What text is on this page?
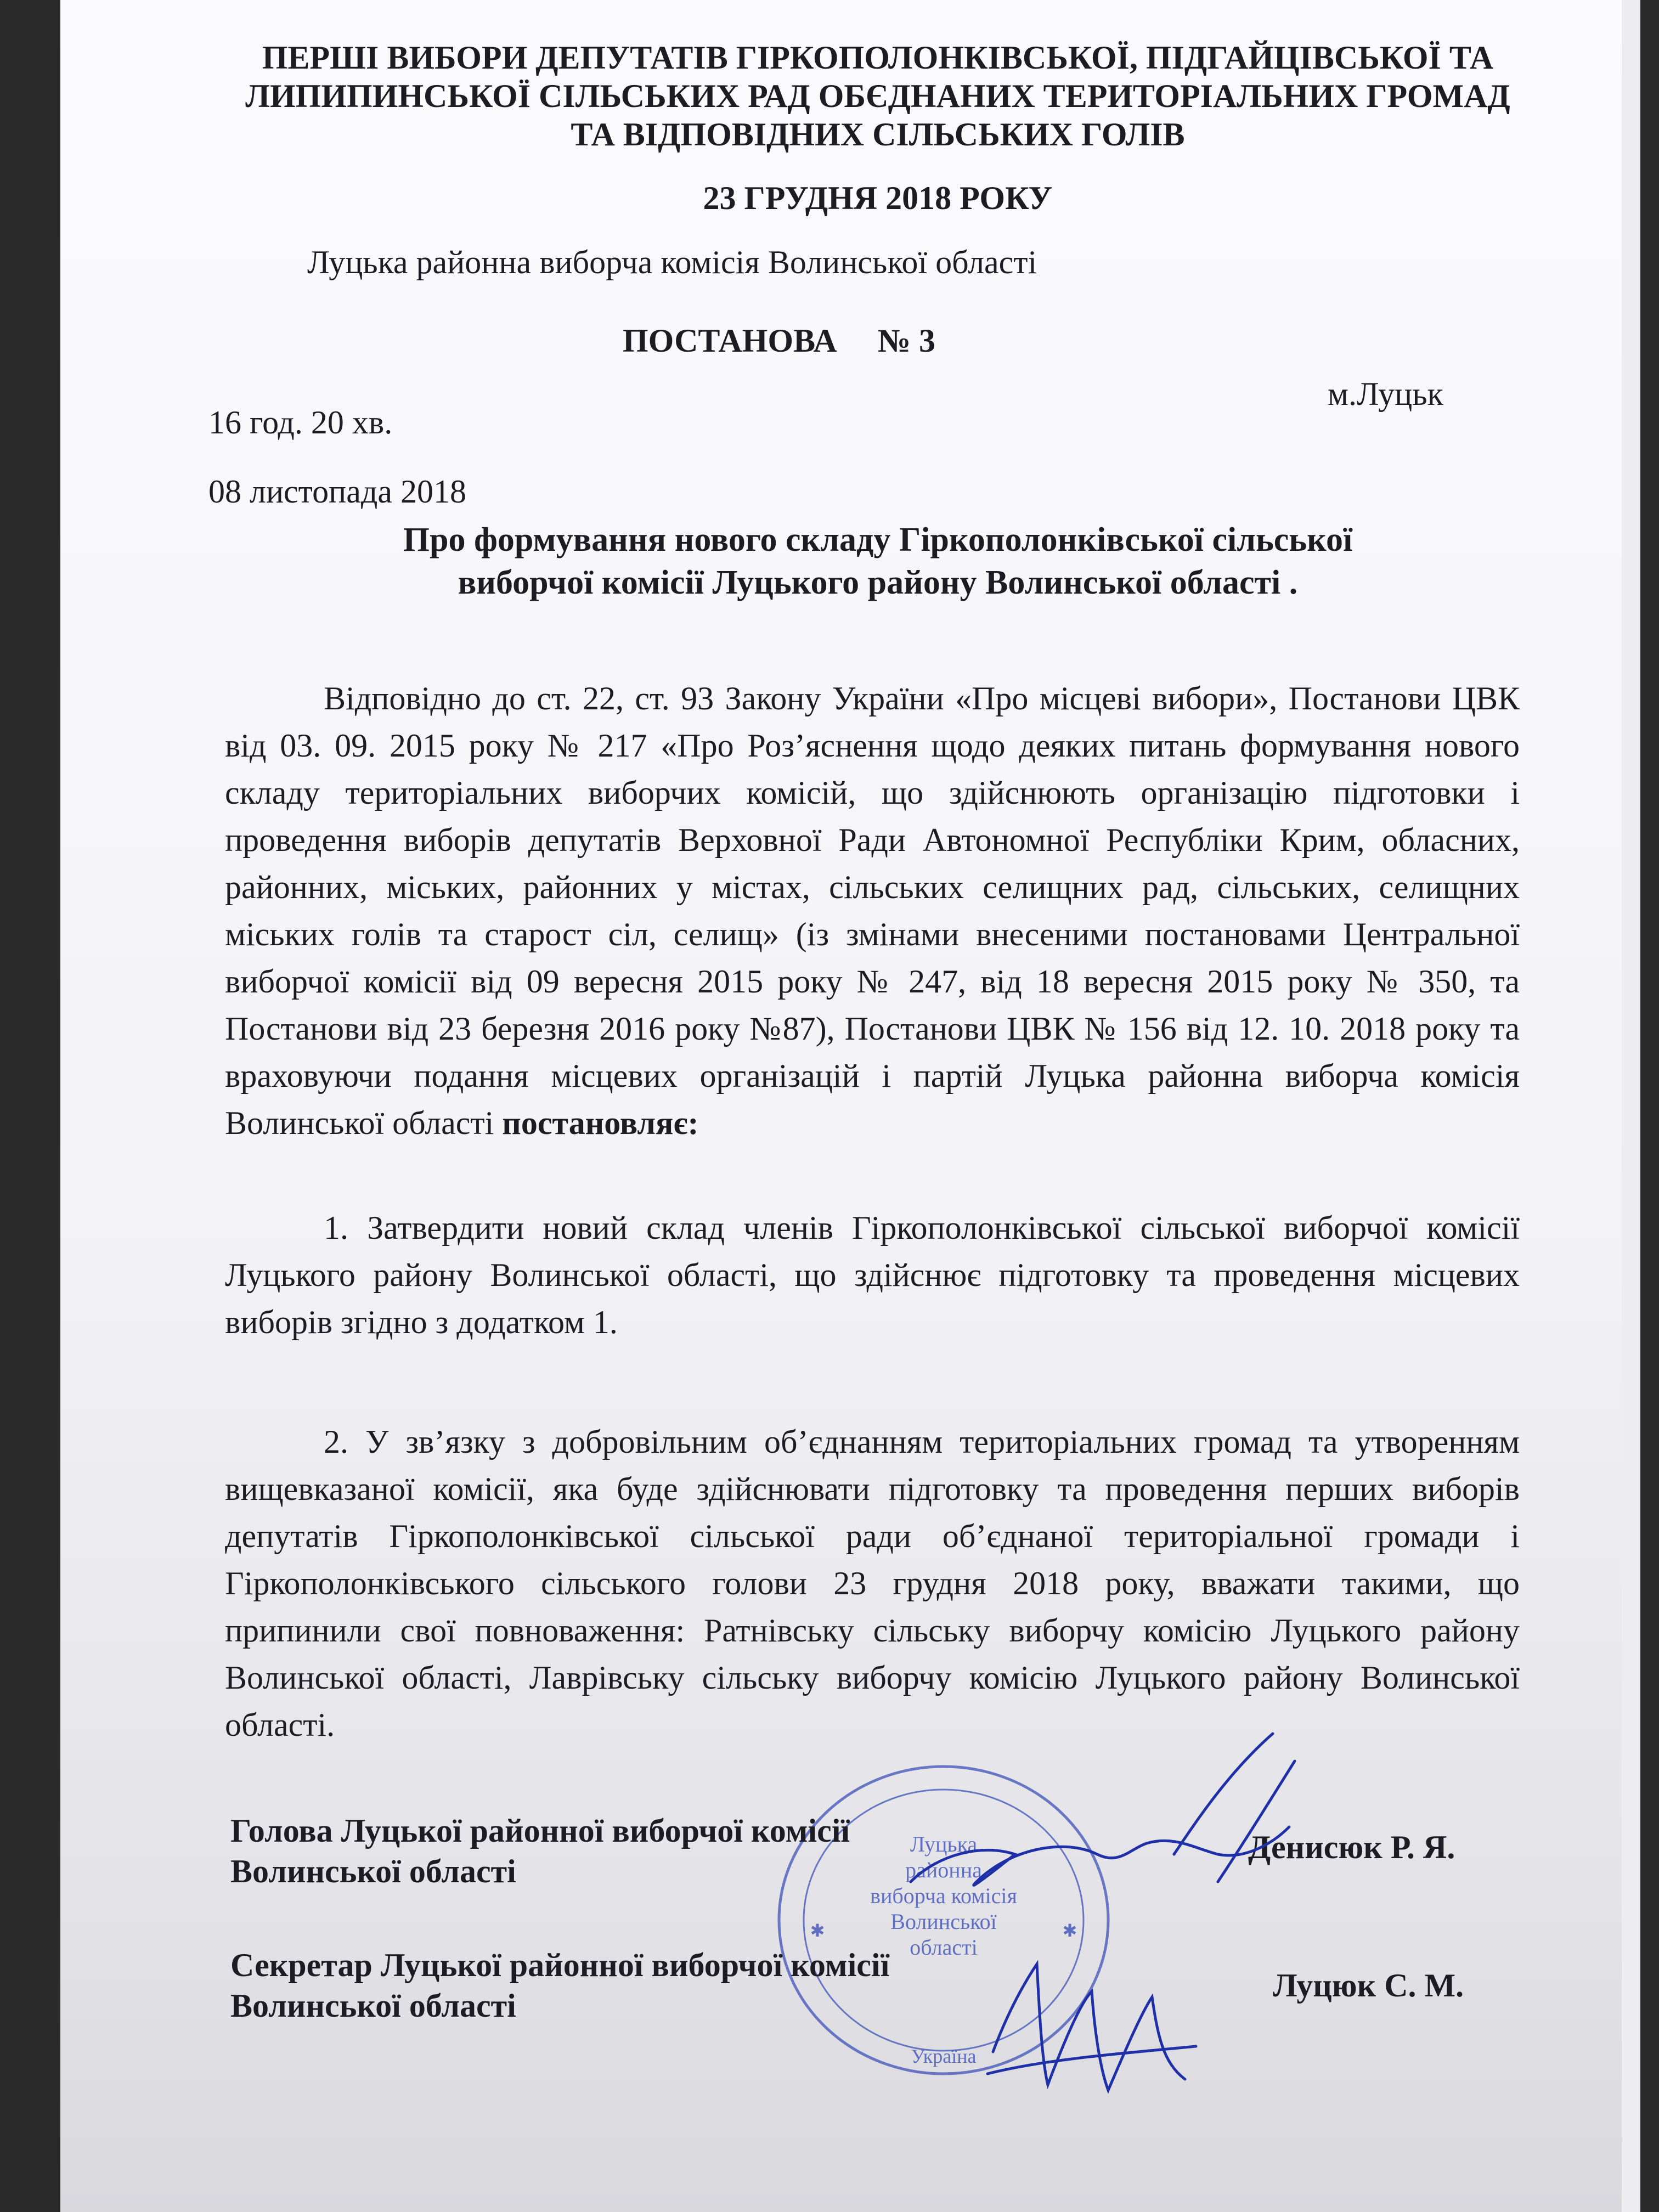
ПЕРШІ ВИБОРИ ДЕПУТАТІВ ГІРКОПОЛОНКІВСЬКОЇ, ПІДГАЙЦІВСЬКОЇ ТА
ЛИПИПИНСЬКОЇ СІЛЬСЬКИХ РАД ОБЄДНАНИХ ТЕРИТОРІАЛЬНИХ ГРОМАД
ТА ВІДПОВІДНИХ СІЛЬСЬКИХ ГОЛІВ
23 ГРУДНЯ 2018 РОКУ
Луцька районна виборча комісія Волинської області
ПОСТАНОВА № 3
м.Луцьк
16 год. 20 хв.
08 листопада 2018
Про формування нового складу Гіркополонківської сільської
виборчої комісії Луцького району Волинської області .
Відповідно до ст. 22, ст. 93 Закону України «Про місцеві вибори», Постанови ЦВК від 03. 09. 2015 року № 217 «Про Роз’яснення щодо деяких питань формування нового складу територіальних виборчих комісій, що здійснюють організацію підготовки і проведення виборів депутатів Верховної Ради Автономної Республіки Крим, обласних, районних, міських, районних у містах, сільських селищних рад, сільських, селищних міських голів та старост сіл, селищ» (із змінами внесеними постановами Центральної виборчої комісії від 09 вересня 2015 року № 247, від 18 вересня 2015 року № 350, та Постанови від 23 березня 2016 року №87), Постанови ЦВК № 156 від 12. 10. 2018 року та враховуючи подання місцевих організацій і партій Луцька районна виборча комісія Волинської області постановляє:
1. Затвердити новий склад членів Гіркополонківської сільської виборчої комісії Луцького району Волинської області, що здійснює підготовку та проведення місцевих виборів згідно з додатком 1.
2. У зв’язку з добровільним об’єднанням територіальних громад та утворенням вищевказаної комісії, яка буде здійснювати підготовку та проведення перших виборів депутатів Гіркополонківської сільської ради об’єднаної територіальної громади і Гіркополонківського сільського голови 23 грудня 2018 року, вважати такими, що припинили свої повноваження: Ратнівську сільську виборчу комісію Луцького району Волинської області, Лаврівську сільську виборчу комісію Луцького району Волинської області.
Луцька
районна
виборча комісія
Волинської
області
Україна
✱	✱
Голова Луцької районної виборчої комісії
Волинської області
Денисюк Р. Я.
Секретар Луцької районної виборчої комісії
Волинської області
Луцюк С. М.
